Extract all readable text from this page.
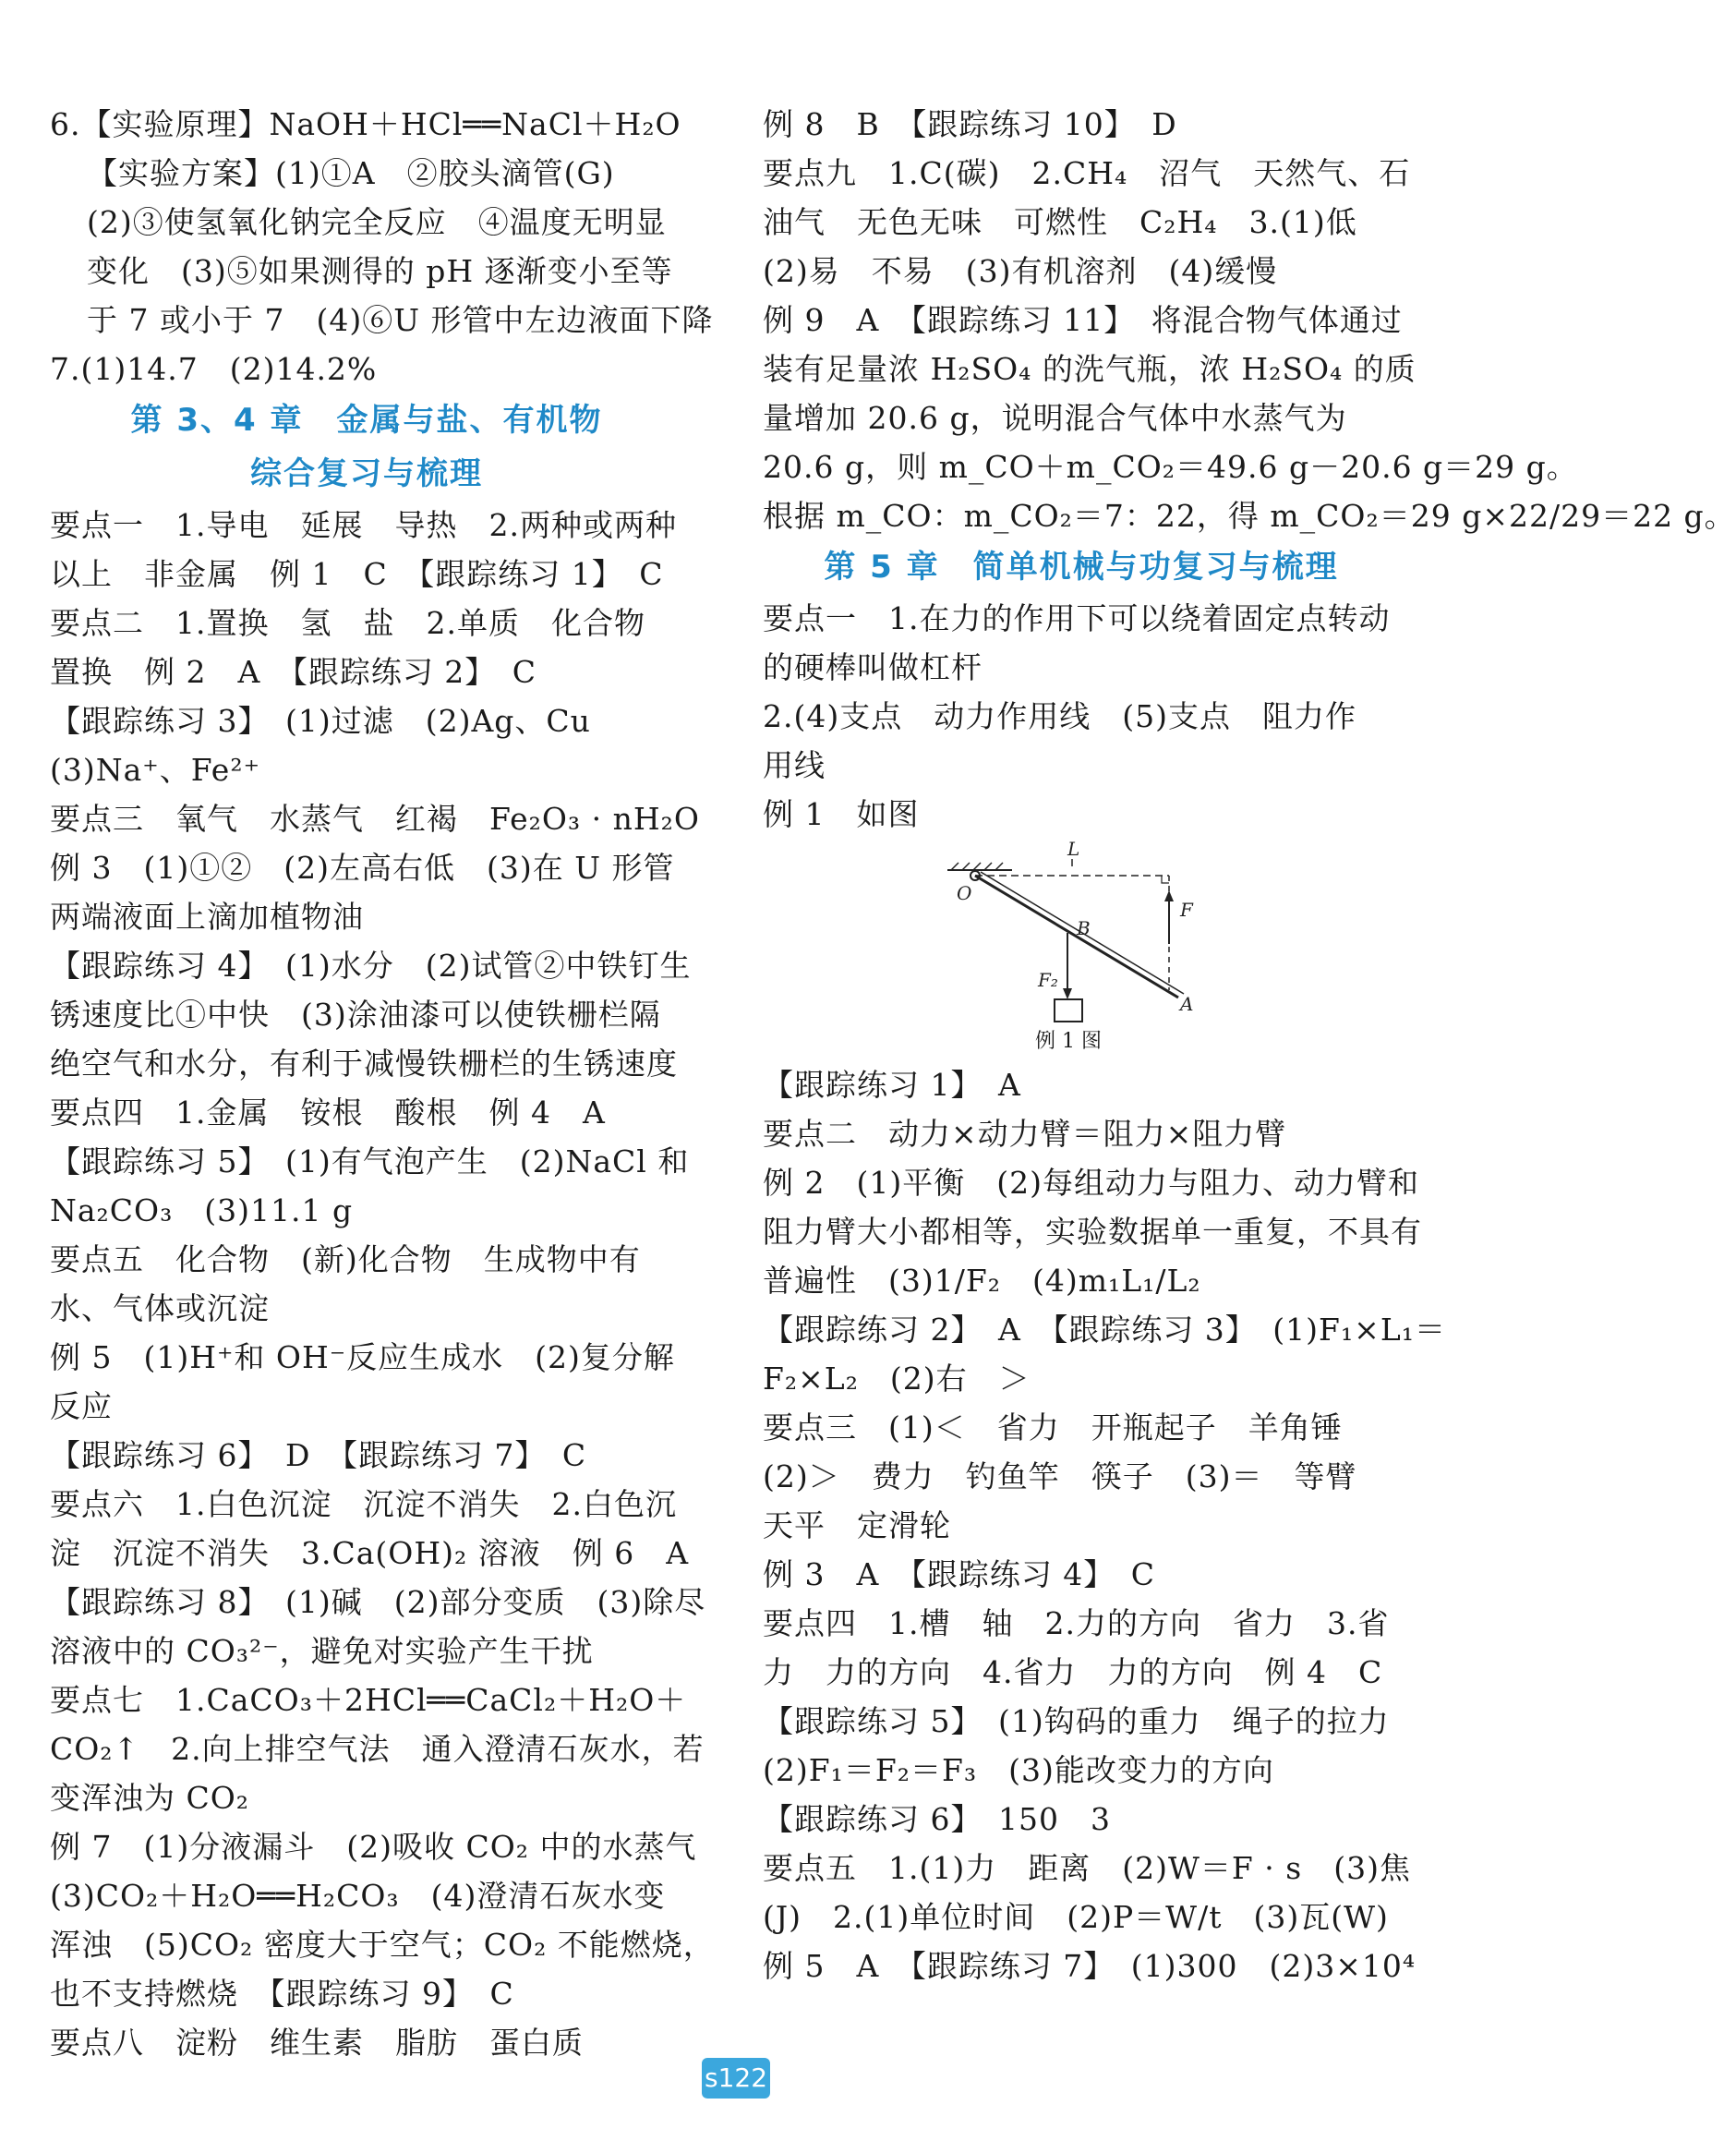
6.【实验原理】NaOH＋HCl══NaCl＋H₂O
【实验方案】(1)①A　②胶头滴管(G)
(2)③使氢氧化钠完全反应　④温度无明显
变化　(3)⑤如果测得的 pH 逐渐变小至等
于 7 或小于 7　(4)⑥U 形管中左边液面下降
7.(1)14.7　(2)14.2%
第 3、4 章　金属与盐、有机物
综合复习与梳理
要点一　1.导电　延展　导热　2.两种或两种
以上　非金属　例 1　C　【跟踪练习 1】　C
要点二　1.置换　氢　盐　2.单质　化合物
置换　例 2　A　【跟踪练习 2】　C
【跟踪练习 3】　(1)过滤　(2)Ag、Cu
(3)Na⁺、Fe²⁺
要点三　氧气　水蒸气　红褐　Fe₂O₃ · nH₂O
例 3　(1)①②　(2)左高右低　(3)在 U 形管
两端液面上滴加植物油
【跟踪练习 4】　(1)水分　(2)试管②中铁钉生
锈速度比①中快　(3)涂油漆可以使铁栅栏隔
绝空气和水分，有利于减慢铁栅栏的生锈速度
要点四　1.金属　铵根　酸根　例 4　A
【跟踪练习 5】　(1)有气泡产生　(2)NaCl 和
Na₂CO₃　(3)11.1 g
要点五　化合物　(新)化合物　生成物中有
水、气体或沉淀
例 5　(1)H⁺和 OH⁻反应生成水　(2)复分解
反应
【跟踪练习 6】　D　【跟踪练习 7】　C
要点六　1.白色沉淀　沉淀不消失　2.白色沉
淀　沉淀不消失　3.Ca(OH)₂ 溶液　例 6　A
【跟踪练习 8】　(1)碱　(2)部分变质　(3)除尽
溶液中的 CO₃²⁻，避免对实验产生干扰
要点七　1.CaCO₃＋2HCl══CaCl₂＋H₂O＋
CO₂↑　2.向上排空气法　通入澄清石灰水，若
变浑浊为 CO₂
例 7　(1)分液漏斗　(2)吸收 CO₂ 中的水蒸气
(3)CO₂＋H₂O══H₂CO₃　(4)澄清石灰水变
浑浊　(5)CO₂ 密度大于空气；CO₂ 不能燃烧，
也不支持燃烧　【跟踪练习 9】　C
要点八　淀粉　维生素　脂肪　蛋白质
例 8　B　【跟踪练习 10】　D
要点九　1.C(碳)　2.CH₄　沼气　天然气、石
油气　无色无味　可燃性　C₂H₄　3.(1)低
(2)易　不易　(3)有机溶剂　(4)缓慢
例 9　A　【跟踪练习 11】　将混合物气体通过
装有足量浓 H₂SO₄ 的洗气瓶，浓 H₂SO₄ 的质
量增加 20.6 g，说明混合气体中水蒸气为
20.6 g，则 m_CO＋m_CO₂＝49.6 g－20.6 g＝29 g。
根据 m_CO：m_CO₂＝7：22，得 m_CO₂＝29 g×22/29＝22 g。
第 5 章　简单机械与功复习与梳理
要点一　1.在力的作用下可以绕着固定点转动
的硬棒叫做杠杆
2.(4)支点　动力作用线　(5)支点　阻力作
用线
例 1　如图
L
O
B
F
F₂
A
例 1 图
【跟踪练习 1】　A
要点二　动力×动力臂＝阻力×阻力臂
例 2　(1)平衡　(2)每组动力与阻力、动力臂和
阻力臂大小都相等，实验数据单一重复，不具有
普遍性　(3)1/F₂　(4)m₁L₁/L₂
【跟踪练习 2】　A　【跟踪练习 3】　(1)F₁×L₁＝
F₂×L₂　(2)右　＞
要点三　(1)＜　省力　开瓶起子　羊角锤
(2)＞　费力　钓鱼竿　筷子　(3)＝　等臂
天平　定滑轮
例 3　A　【跟踪练习 4】　C
要点四　1.槽　轴　2.力的方向　省力　3.省
力　力的方向　4.省力　力的方向　例 4　C
【跟踪练习 5】　(1)钩码的重力　绳子的拉力
(2)F₁＝F₂＝F₃　(3)能改变力的方向
【跟踪练习 6】　150　3
要点五　1.(1)力　距离　(2)W＝F · s　(3)焦
(J)　2.(1)单位时间　(2)P＝W/t　(3)瓦(W)
例 5　A　【跟踪练习 7】　(1)300　(2)3×10⁴
s122
